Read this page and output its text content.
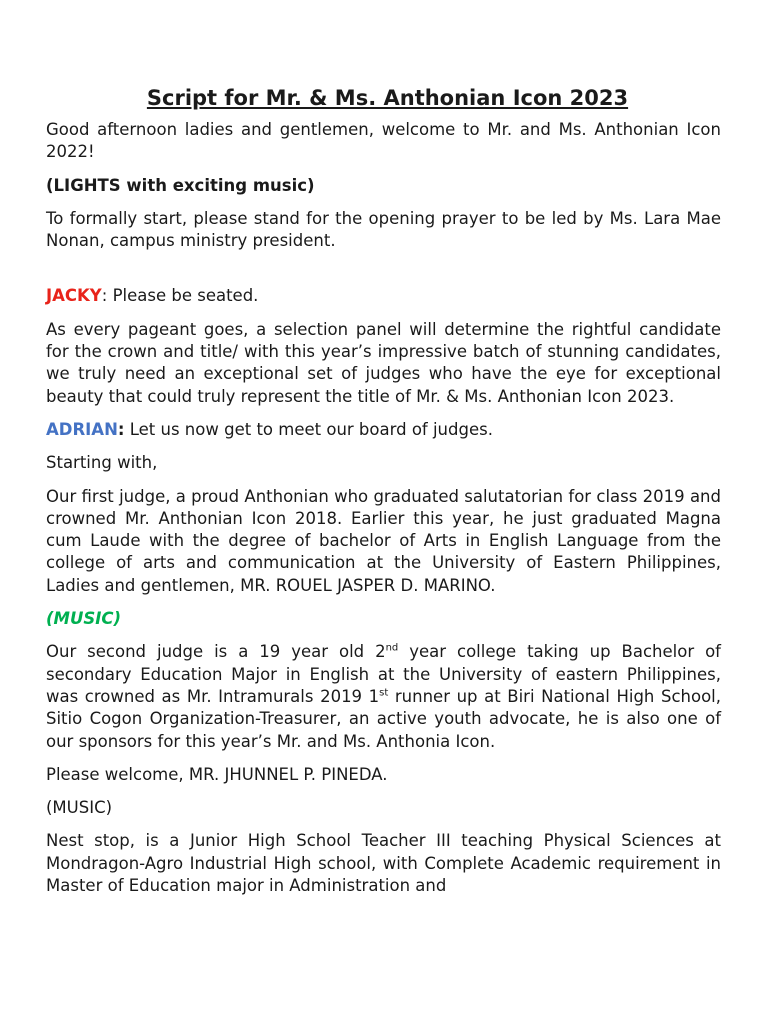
Script for Mr. & Ms. Anthonian Icon 2023

Good afternoon ladies and gentlemen, welcome to Mr. and Ms. Anthonian Icon 2022!

(LIGHTS with exciting music)

To formally start, please stand for the opening prayer to be led by Ms. Lara Mae Nonan, campus ministry president.

JACKY: Please be seated.

As every pageant goes, a selection panel will determine the rightful candidate for the crown and title/ with this year’s impressive batch of stunning candidates, we truly need an exceptional set of judges who have the eye for exceptional beauty that could truly represent the title of Mr. & Ms. Anthonian Icon 2023.

ADRIAN: Let us now get to meet our board of judges.

Starting with,

Our first judge, a proud Anthonian who graduated salutatorian for class 2019 and crowned Mr. Anthonian Icon 2018. Earlier this year, he just graduated Magna cum Laude with the degree of bachelor of Arts in English Language from the college of arts and communication at the University of Eastern Philippines, Ladies and gentlemen, MR. ROUEL JASPER D. MARINO.

(MUSIC)

Our second judge is a 19 year old 2nd year college taking up Bachelor of secondary Education Major in English at the University of eastern Philippines, was crowned as Mr. Intramurals 2019 1st runner up at Biri National High School, Sitio Cogon Organization-Treasurer, an active youth advocate, he is also one of our sponsors for this year’s Mr. and Ms. Anthonia Icon.

Please welcome, MR. JHUNNEL P. PINEDA.

(MUSIC)

Nest stop, is a Junior High School Teacher III teaching Physical Sciences at Mondragon-Agro Industrial High school, with Complete Academic requirement in Master of Education major in Administration and
